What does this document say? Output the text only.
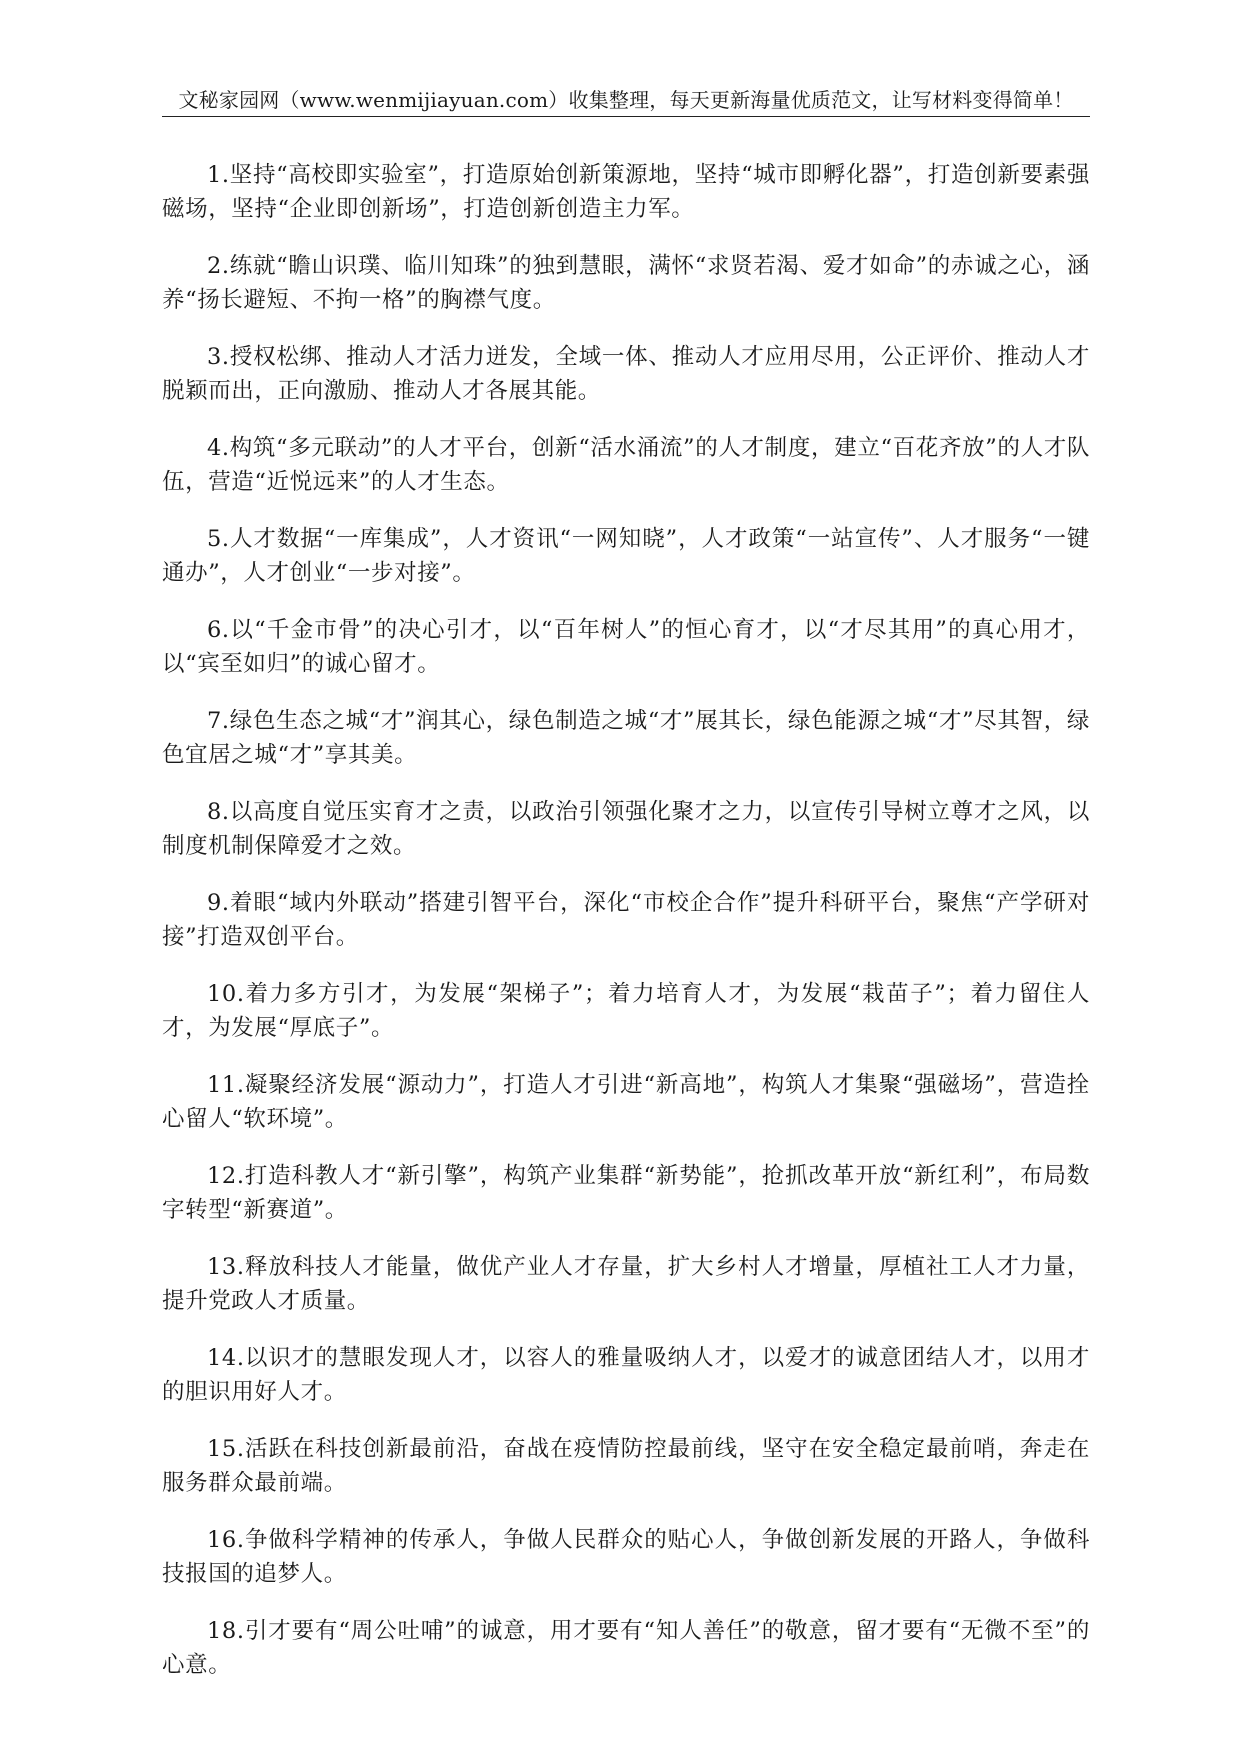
文秘家园网（www.wenmijiayuan.com）收集整理，每天更新海量优质范文，让写材料变得简单！

1.坚持“高校即实验室”，打造原始创新策源地，坚持“城市即孵化器”，打造创新要素强磁场，坚持“企业即创新场”，打造创新创造主力军。

2.练就“瞻山识璞、临川知珠”的独到慧眼，满怀“求贤若渴、爱才如命”的赤诚之心，涵养“扬长避短、不拘一格”的胸襟气度。

3.授权松绑、推动人才活力迸发，全域一体、推动人才应用尽用，公正评价、推动人才脱颖而出，正向激励、推动人才各展其能。

4.构筑“多元联动”的人才平台，创新“活水涌流”的人才制度，建立“百花齐放”的人才队伍，营造“近悦远来”的人才生态。

5.人才数据“一库集成”，人才资讯“一网知晓”，人才政策“一站宣传”、人才服务“一键通办”，人才创业“一步对接”。

6.以“千金市骨”的决心引才，以“百年树人”的恒心育才，以“才尽其用”的真心用才，以“宾至如归”的诚心留才。

7.绿色生态之城“才”润其心，绿色制造之城“才”展其长，绿色能源之城“才”尽其智，绿色宜居之城“才”享其美。

8.以高度自觉压实育才之责，以政治引领强化聚才之力，以宣传引导树立尊才之风，以制度机制保障爱才之效。

9.着眼“域内外联动”搭建引智平台，深化“市校企合作”提升科研平台，聚焦“产学研对接”打造双创平台。

10.着力多方引才，为发展“架梯子”；着力培育人才，为发展“栽苗子”；着力留住人才，为发展“厚底子”。

11.凝聚经济发展“源动力”，打造人才引进“新高地”，构筑人才集聚“强磁场”，营造拴心留人“软环境”。

12.打造科教人才“新引擎”，构筑产业集群“新势能”，抢抓改革开放“新红利”，布局数字转型“新赛道”。

13.释放科技人才能量，做优产业人才存量，扩大乡村人才增量，厚植社工人才力量，提升党政人才质量。

14.以识才的慧眼发现人才，以容人的雅量吸纳人才，以爱才的诚意团结人才，以用才的胆识用好人才。

15.活跃在科技创新最前沿，奋战在疫情防控最前线，坚守在安全稳定最前哨，奔走在服务群众最前端。

16.争做科学精神的传承人，争做人民群众的贴心人，争做创新发展的开路人，争做科技报国的追梦人。

18.引才要有“周公吐哺”的诚意，用才要有“知人善任”的敬意，留才要有“无微不至”的心意。
